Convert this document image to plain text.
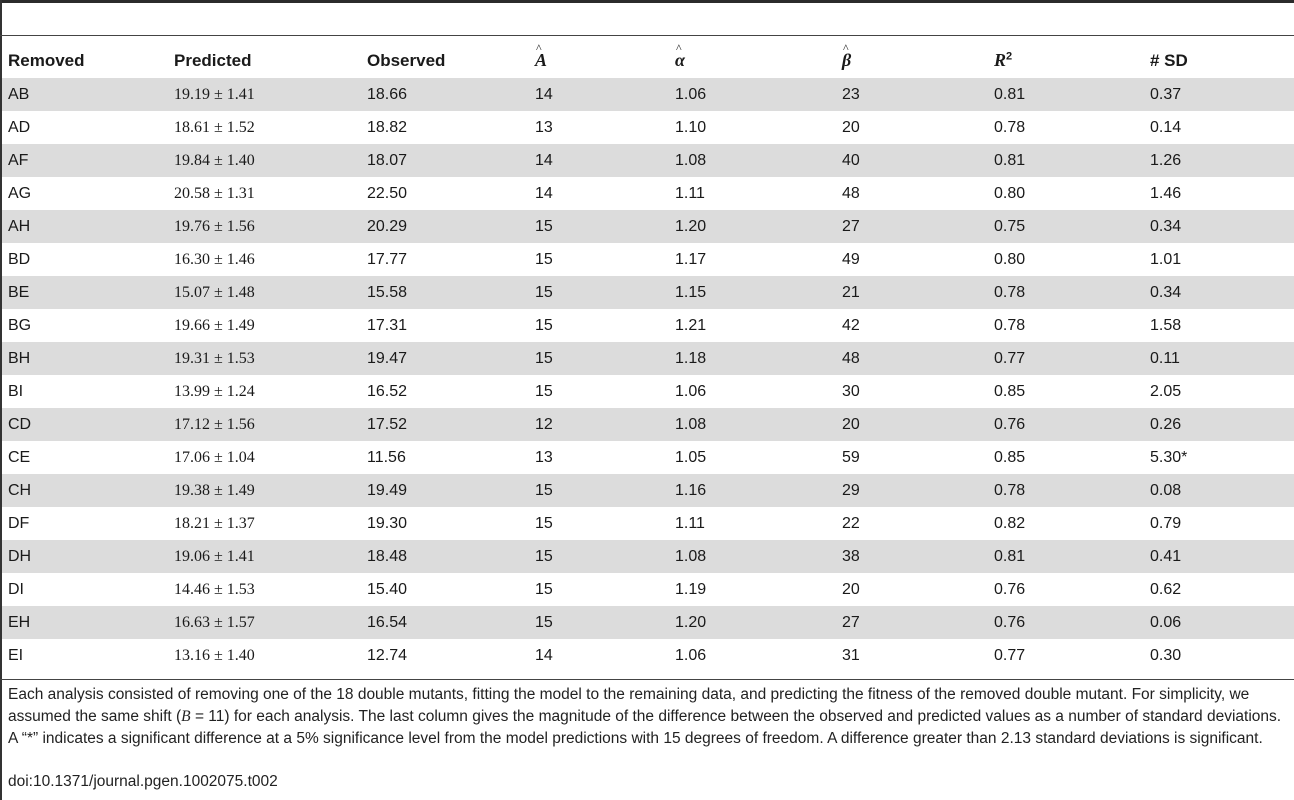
Removed	Predicted	Observed	^ A	^ α	^ β	$R^2$	# SD
AB	19.19 ± 1.41	18.66	14	1.06	23	0.81	0.37
AD	18.61 ± 1.52	18.82	13	1.10	20	0.78	0.14
AF	19.84 ± 1.40	18.07	14	1.08	40	0.81	1.26
AG	20.58 ± 1.31	22.50	14	1.11	48	0.80	1.46
AH	19.76 ± 1.56	20.29	15	1.20	27	0.75	0.34
BD	16.30 ± 1.46	17.77	15	1.17	49	0.80	1.01
BE	15.07 ± 1.48	15.58	15	1.15	21	0.78	0.34
BG	19.66 ± 1.49	17.31	15	1.21	42	0.78	1.58
BH	19.31 ± 1.53	19.47	15	1.18	48	0.77	0.11
BI	13.99 ± 1.24	16.52	15	1.06	30	0.85	2.05
CD	17.12 ± 1.56	17.52	12	1.08	20	0.76	0.26
CE	17.06 ± 1.04	11.56	13	1.05	59	0.85	5.30*
CH	19.38 ± 1.49	19.49	15	1.16	29	0.78	0.08
DF	18.21 ± 1.37	19.30	15	1.11	22	0.82	0.79
DH	19.06 ± 1.41	18.48	15	1.08	38	0.81	0.41
DI	14.46 ± 1.53	15.40	15	1.19	20	0.76	0.62
EH	16.63 ± 1.57	16.54	15	1.20	27	0.76	0.06
EI	13.16 ± 1.40	12.74	14	1.06	31	0.77	0.30
Each analysis consisted of removing one of the 18 double mutants, fitting the model to the remaining data, and predicting the fitness of the removed double mutant. For simplicity, we assumed the same shift (B = 11) for each analysis. The last column gives the magnitude of the difference between the observed and predicted values as a number of standard deviations. A “*” indicates a significant difference at a 5% significance level from the model predictions with 15 degrees of freedom. A difference greater than 2.13 standard deviations is significant.
doi:10.1371/journal.pgen.1002075.t002
